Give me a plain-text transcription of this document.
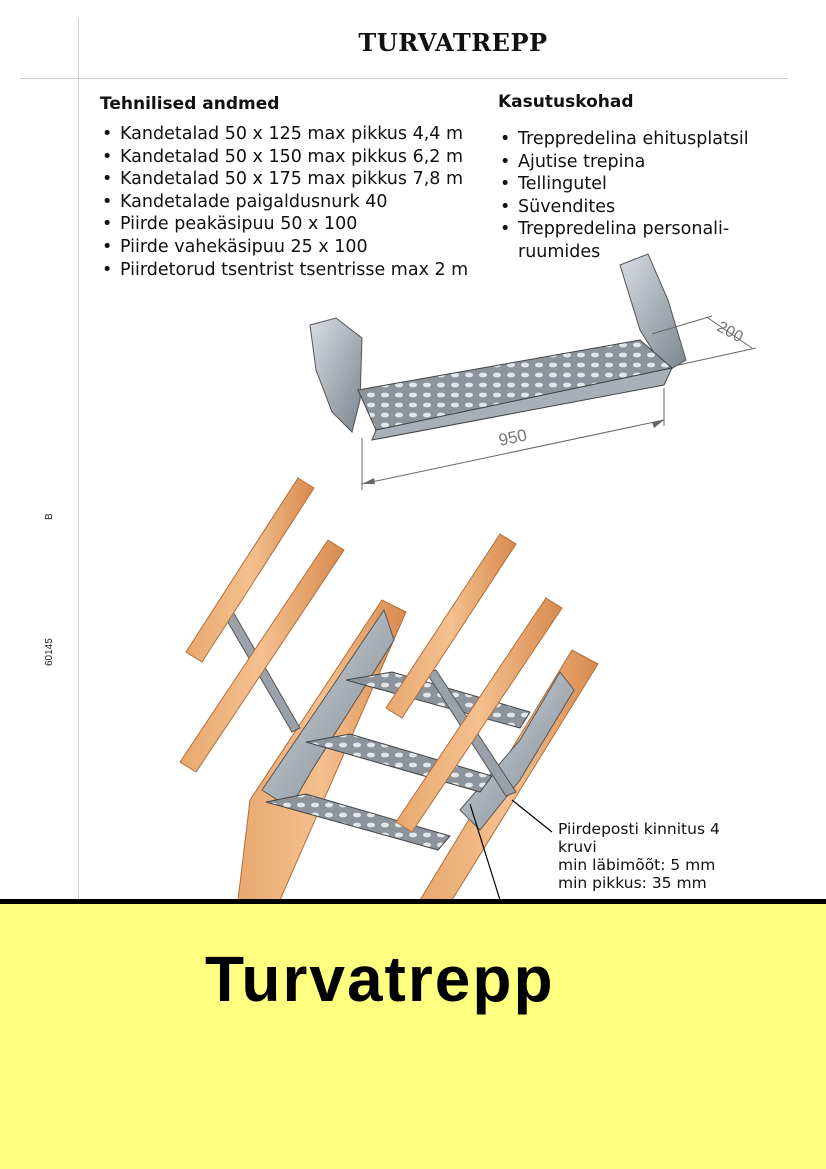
TURVATREPP
B
60145
Tehnilised andmed
• Kandetalad 50 x 125 max pikkus 4,4 m
• Kandetalad 50 x 150 max pikkus 6,2 m
• Kandetalad 50 x 175 max pikkus 7,8 m
• Kandetalade paigaldusnurk 40
• Piirde peakäsipuu 50 x 100
• Piirde vahekäsipuu 25 x 100
• Piirdetorud tsentrist tsentrisse max 2 m
Kasutuskohad
• Treppredelina ehitusplatsil
• Ajutise trepina
• Tellingutel
• Süvendites
• Treppredelina personali-
ruumides
950
200
Piirdeposti kinnitus 4
kruvi
min läbimõõt: 5 mm
min pikkus: 35 mm
Turvatrepp
